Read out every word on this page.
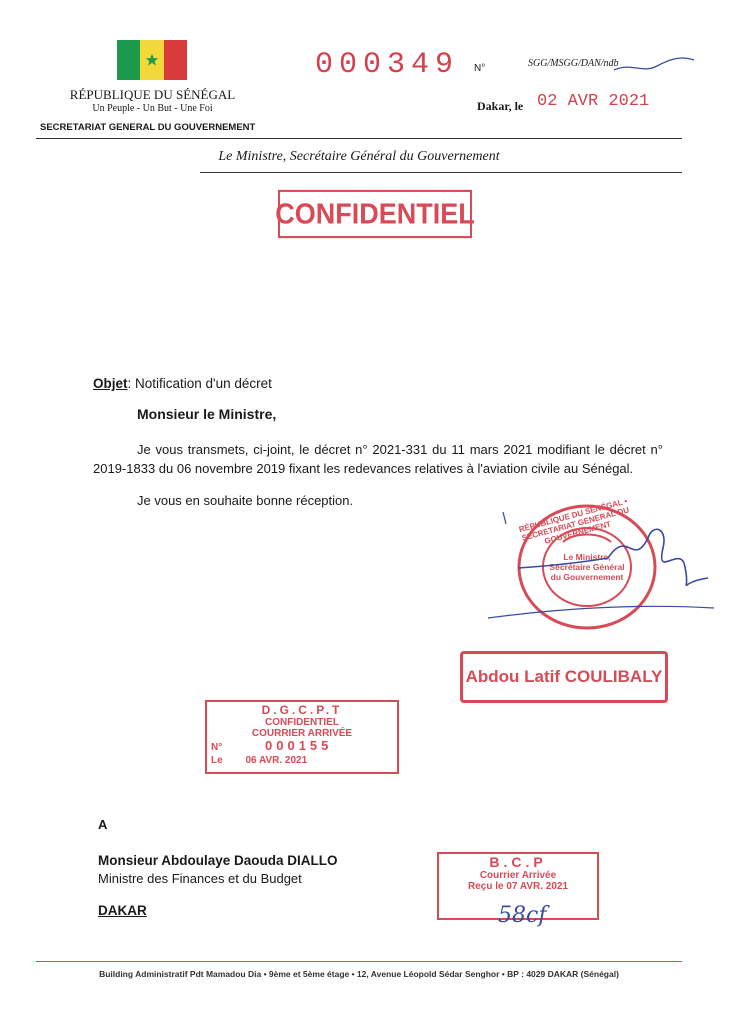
RÉPUBLIQUE DU SÉNÉGAL
Un Peuple - Un But - Une Foi
SECRETARIAT GENERAL DU GOUVERNEMENT
000349 N°	SGG/MSGG/DAN/ndb
Dakar, le 02 AVR 2021
Le Ministre, Secrétaire Général du Gouvernement
CONFIDENTIEL
Objet: Notification d'un décret
Monsieur le Ministre,
Je vous transmets, ci-joint, le décret n° 2021-331 du 11 mars 2021 modifiant le décret n° 2019-1833 du 06 novembre 2019 fixant les redevances relatives à l'aviation civile au Sénégal.
Je vous en souhaite bonne réception.	RÉPUBLIQUE DU SÉNÉGAL • SECRETARIAT GENERAL DU GOUVERNEMENT
Le Ministre,
Secrétaire Général
du Gouvernement
Abdou Latif COULIBALY
D.G.C.P.T
CONFIDENTIEL
COURRIER ARRIVÉE
N°	000155
Le 06 AVR. 2021
A
Monsieur Abdoulaye Daouda DIALLO
Ministre des Finances et du Budget
DAKAR
B.C.P
Courrier Arrivée
Reçu le 07 AVR. 2021
58cf
Building Administratif Pdt Mamadou Dia • 9ème et 5ème étage • 12, Avenue Léopold Sédar Senghor • BP : 4029 DAKAR (Sénégal)
